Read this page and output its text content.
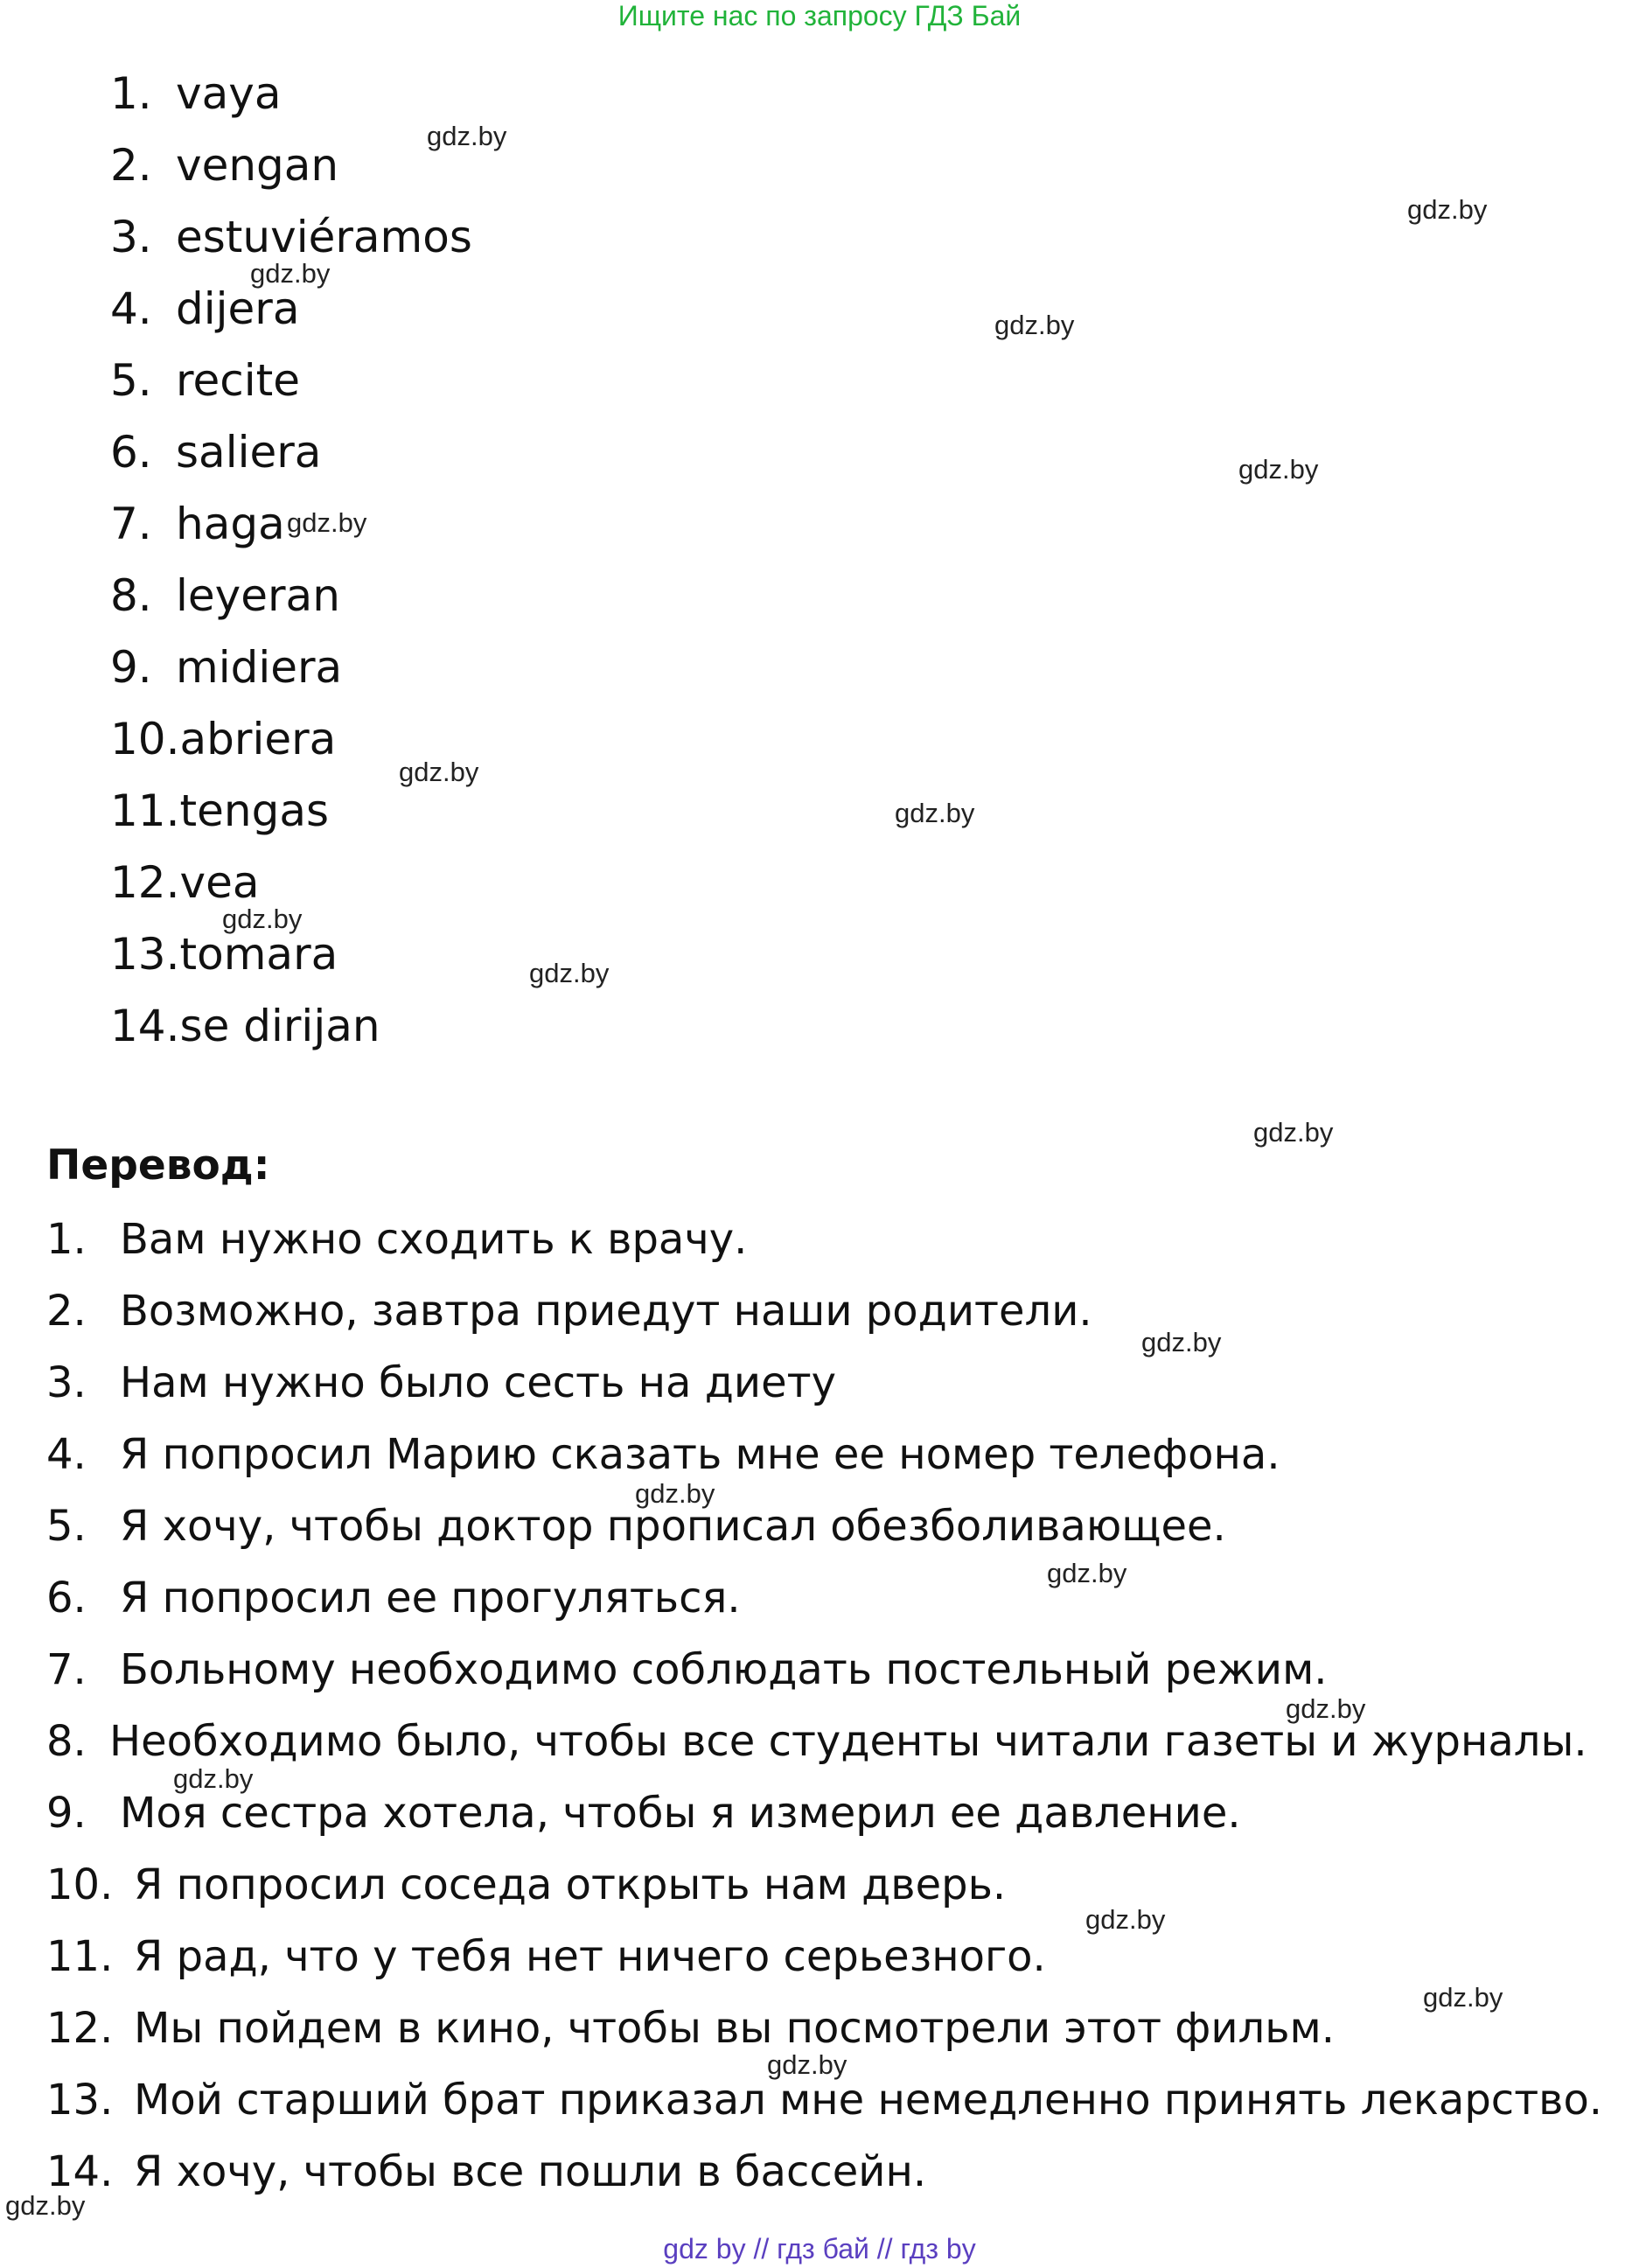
Ищите нас по запросу ГДЗ Бай
1. vaya
2. vengan
3. estuviéramos
4. dijera
5. recite
6. saliera
7. haga
8. leyeran
9. midiera
10.abriera
11.tengas
12.vea
13.tomara
14.se dirijan
Перевод:
1. Вам нужно сходить к врачу.
2. Возможно, завтра приедут наши родители.
3. Нам нужно было сесть на диету
4. Я попросил Марию сказать мне ее номер телефона.
5. Я хочу, чтобы доктор прописал обезболивающее.
6. Я попросил ее прогуляться.
7. Больному необходимо соблюдать постельный режим.
8. Необходимо было, чтобы все студенты читали газеты и журналы.
9. Моя сестра хотела, чтобы я измерил ее давление.
10. Я попросил соседа открыть нам дверь.
11. Я рад, что у тебя нет ничего серьезного.
12. Мы пойдем в кино, чтобы вы посмотрели этот фильм.
13. Мой старший брат приказал мне немедленно принять лекарство.
14. Я хочу, чтобы все пошли в бассейн.
gdz.by
gdz.by
gdz.by
gdz.by
gdz.by
gdz.by
gdz.by
gdz.by
gdz.by
gdz.by
gdz.by
gdz.by
gdz.by
gdz.by
gdz.by
gdz.by
gdz.by
gdz.by
gdz.by
gdz.by
gdz by // гдз бай // гдз by
